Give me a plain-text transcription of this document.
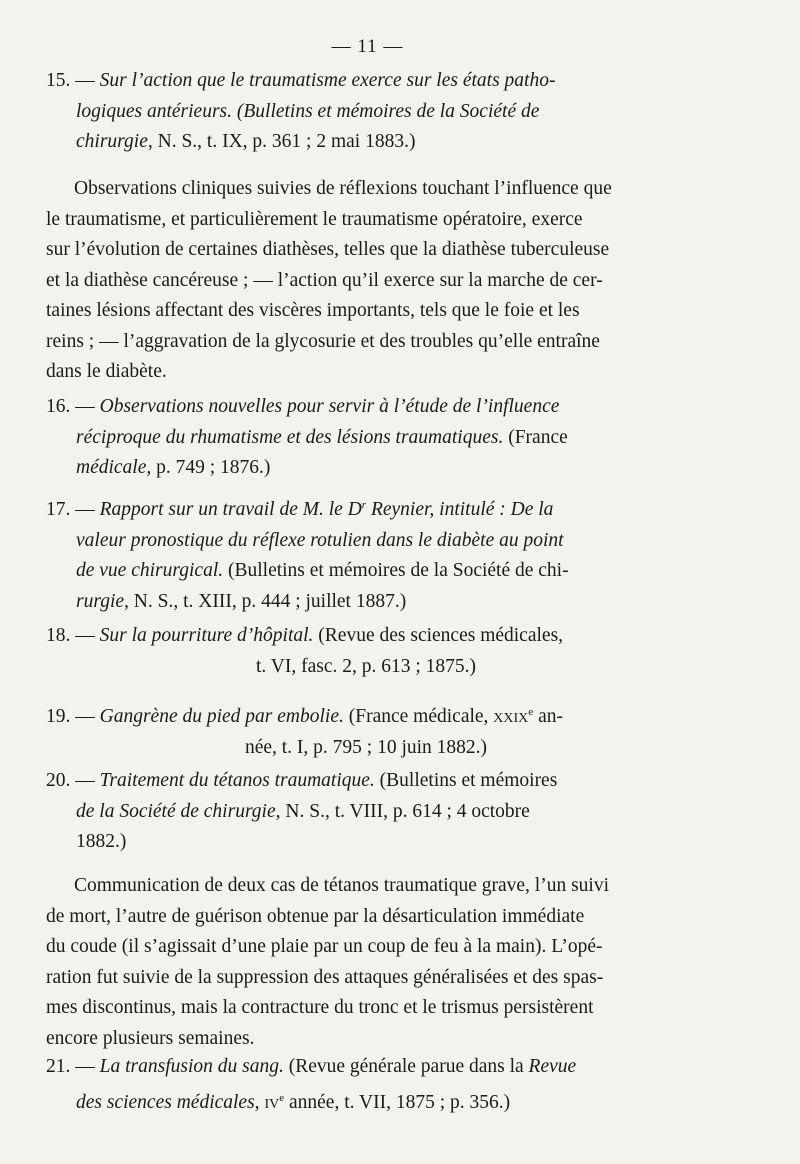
— 11 —
15. — Sur l’action que le traumatisme exerce sur les états patho-
logiques antérieurs. (Bulletins et mémoires de la Société de
chirurgie, N. S., t. IX, p. 361 ; 2 mai 1883.)
Observations cliniques suivies de réflexions touchant l’influence que
le traumatisme, et particulièrement le traumatisme opératoire, exerce
sur l’évolution de certaines diathèses, telles que la diathèse tuberculeuse
et la diathèse cancéreuse ; — l’action qu’il exerce sur la marche de cer-
taines lésions affectant des viscères importants, tels que le foie et les
reins ; — l’aggravation de la glycosurie et des troubles qu’elle entraîne
dans le diabète.
16. — Observations nouvelles pour servir à l’étude de l’influence
réciproque du rhumatisme et des lésions traumatiques. (France
médicale, p. 749 ; 1876.)
17. — Rapport sur un travail de M. le $D^r$ Reynier, intitulé : De la
valeur pronostique du réflexe rotulien dans le diabète au point
de vue chirurgical. (Bulletins et mémoires de la Société de chi-
rurgie, N. S., t. XIII, p. 444 ; juillet 1887.)
18. — Sur la pourriture d’hôpital. (Revue des sciences médicales,
t. VI, fasc. 2, p. 613 ; 1875.)
19. — Gangrène du pied par embolie. (France médicale, xxix$^e$ an-
née, t. I, p. 795 ; 10 juin 1882.)
20. — Traitement du tétanos traumatique. (Bulletins et mémoires
de la Société de chirurgie, N. S., t. VIII, p. 614 ; 4 octobre
1882.)
Communication de deux cas de tétanos traumatique grave, l’un suivi
de mort, l’autre de guérison obtenue par la désarticulation immédiate
du coude (il s’agissait d’une plaie par un coup de feu à la main). L’opé-
ration fut suivie de la suppression des attaques généralisées et des spas-
mes discontinus, mais la contracture du tronc et le trismus persistèrent
encore plusieurs semaines.
21. — La transfusion du sang. (Revue générale parue dans la Revue
des sciences médicales, $iv^e$ année, t. VII, 1875 ; p. 356.)
